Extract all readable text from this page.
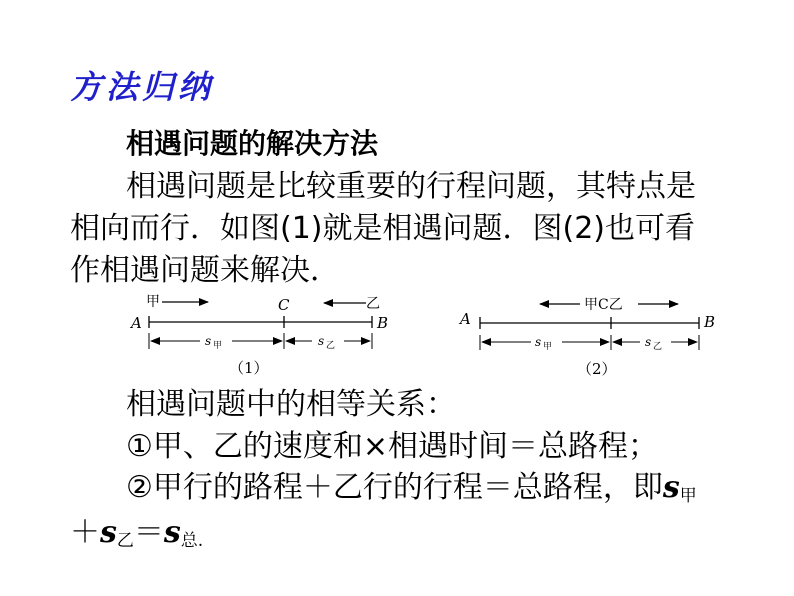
方法归纳
相遇问题的解决方法
相遇问题是比较重要的行程问题，其特点是
相向而行．如图(1)就是相遇问题．图(2)也可看
作相遇问题来解决．
甲	C	乙
A	B
s 甲	s 乙
（1）
甲C乙
A	B
s 甲	s 乙
（2）
相遇问题中的相等关系：
①甲、乙的速度和×相遇时间＝总路程；
②甲行的路程＋乙行的行程＝总路程，即$s_甲$
$+s_乙=s_{总.}$
